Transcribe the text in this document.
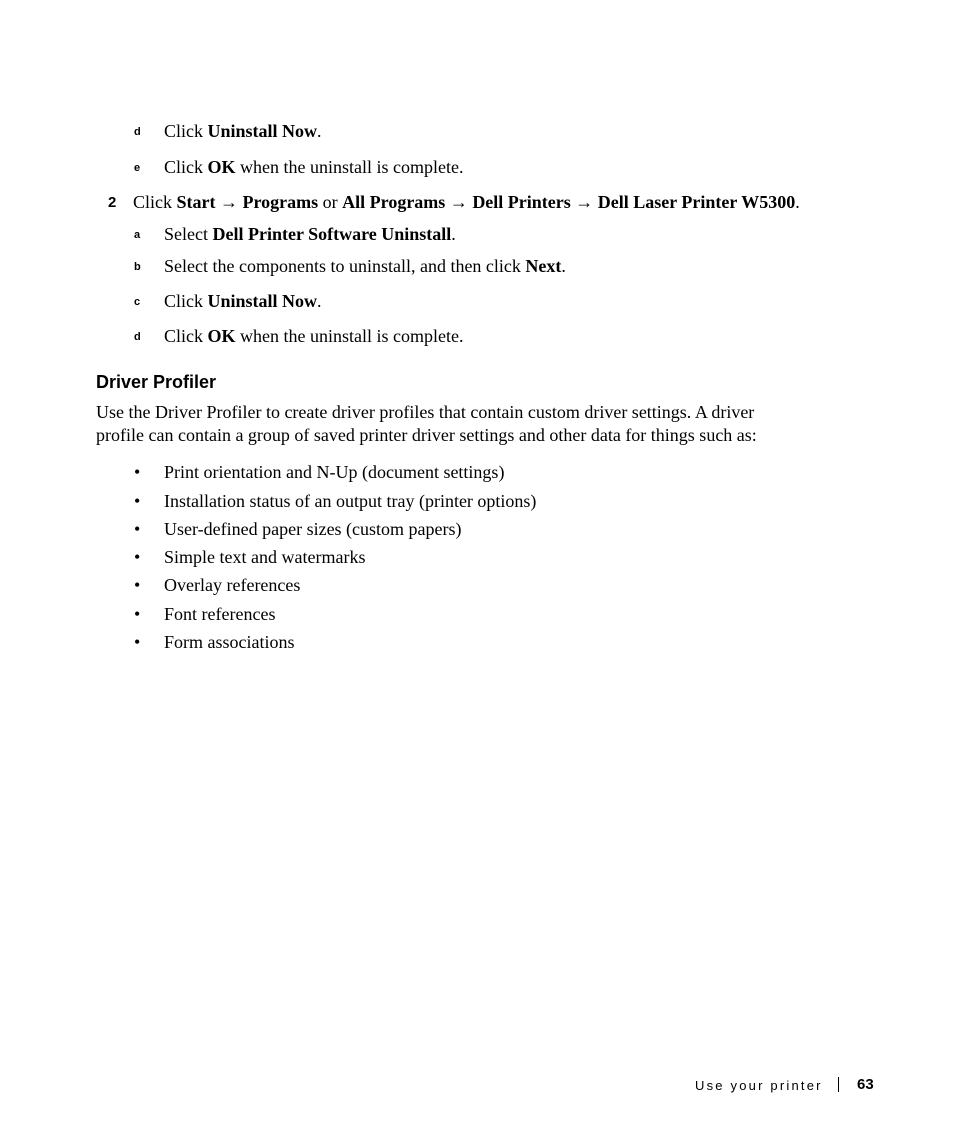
d Click Uninstall Now.
e Click OK when the uninstall is complete.
2 Click Start → Programs or All Programs → Dell Printers → Dell Laser Printer W5300.
a Select Dell Printer Software Uninstall.
b Select the components to uninstall, and then click Next.
c Click Uninstall Now.
d Click OK when the uninstall is complete.
Driver Profiler
Use the Driver Profiler to create driver profiles that contain custom driver settings. A driver
profile can contain a group of saved printer driver settings and other data for things such as:
• Print orientation and N-Up (document settings)
• Installation status of an output tray (printer options)
• User-defined paper sizes (custom papers)
• Simple text and watermarks
• Overlay references
• Font references
• Form associations
Use your printer 63
